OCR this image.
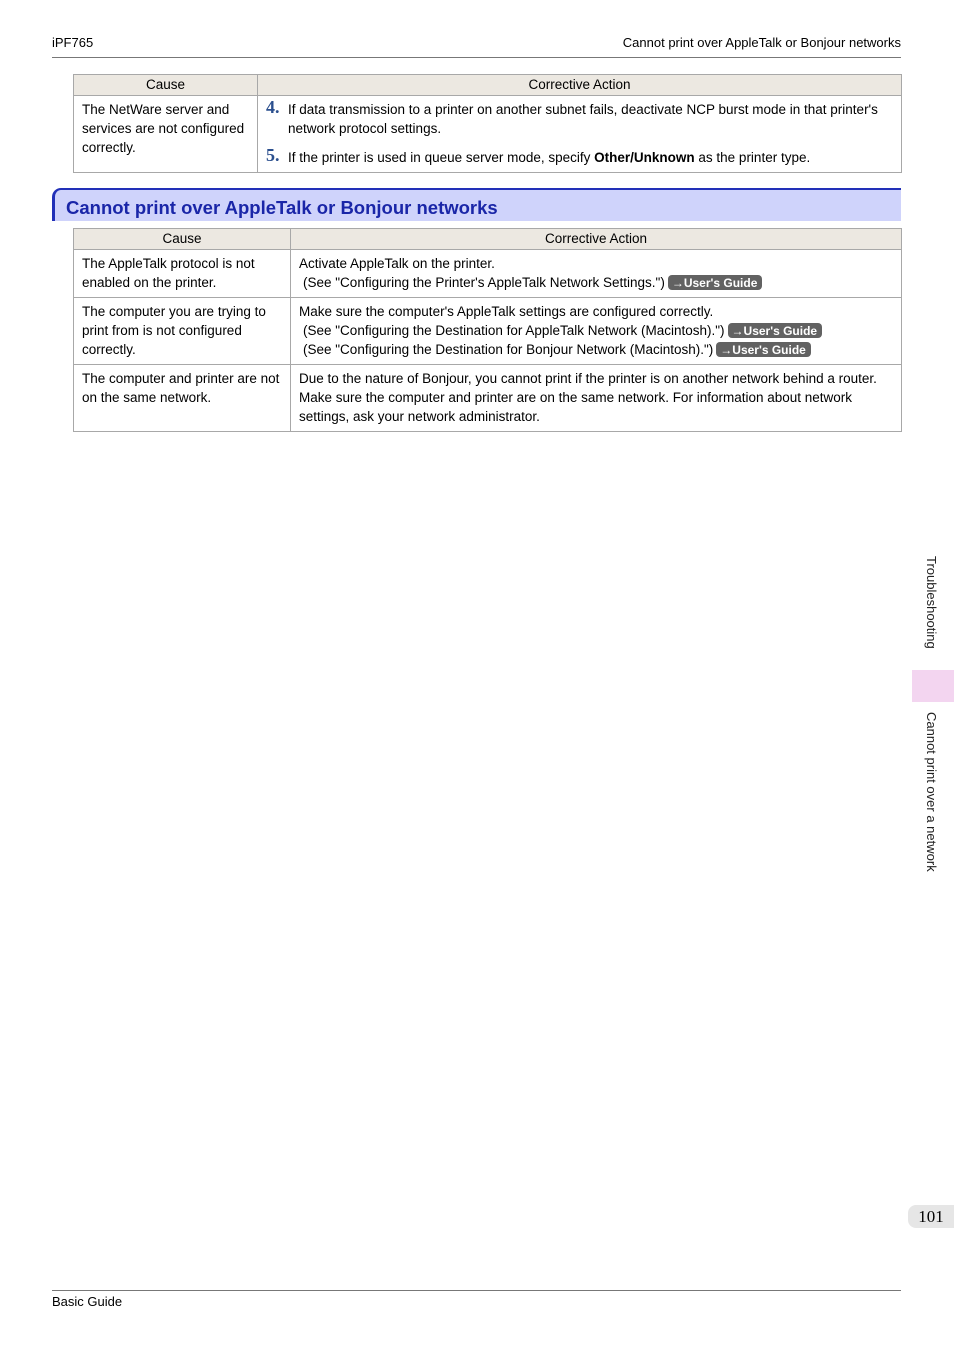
iPF765	Cannot print over AppleTalk or Bonjour networks
Cause	Corrective Action
The NetWare server and services are not configured correctly.	4. If data transmission to a printer on another subnet fails, deactivate NCP burst mode in that printer's network protocol settings.
5. If the printer is used in queue server mode, specify Other/Unknown as the printer type.
Cannot print over AppleTalk or Bonjour networks
Cause	Corrective Action
The AppleTalk protocol is not enabled on the printer.	Activate AppleTalk on the printer.
(See "Configuring the Printer's AppleTalk Network Settings.") →User's Guide

The computer you are trying to print from is not configured correctly.	Make sure the computer's AppleTalk settings are configured correctly.
(See "Configuring the Destination for AppleTalk Network (Macintosh).") →User's Guide
(See "Configuring the Destination for Bonjour Network (Macintosh).") →User's Guide

The computer and printer are not on the same network.	Due to the nature of Bonjour, you cannot print if the printer is on another network behind a router. Make sure the computer and printer are on the same network. For information about network settings, ask your network administrator.
Troubleshooting
Cannot print over a network
101
Basic Guide
